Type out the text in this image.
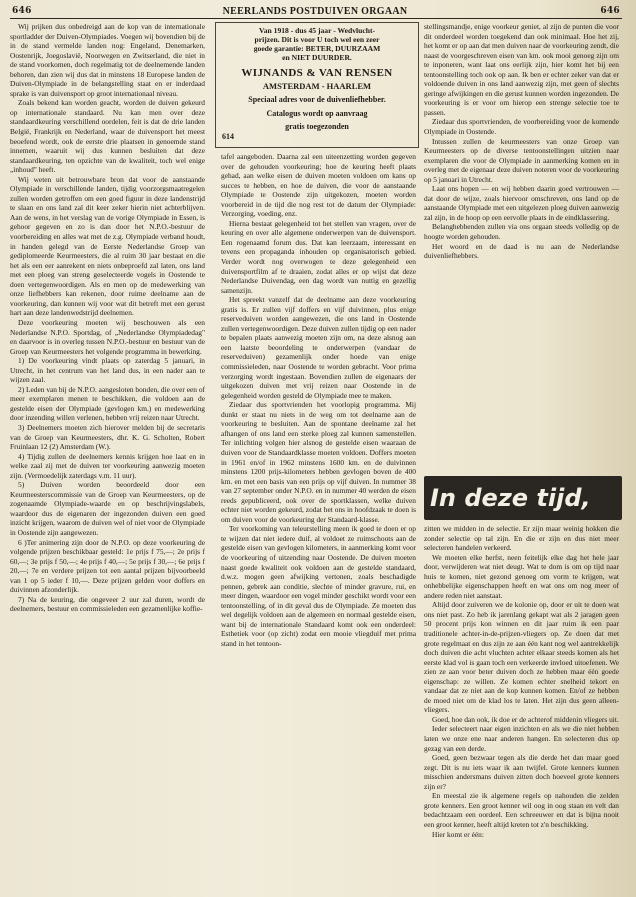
646	NEERLANDS POSTDUIVEN ORGAAN	646

Wij prijken dus onbedreigd aan de kop van de internationale sportladder der Duiven-Olympiades. Voegen wij bovendien bij de in de stand vermelde landen nog: Engeland, Denemarken, Oostenrijk, Joegoslavië, Noorwegen en Zwitserland, die niet in de stand voorkomen, doch regelmatig tot de deelnemende landen behoren, dan zien wij dus dat in minstens 18 Europese landen de Duiven-Olympiade in de belangstelling staat en er inderdaad sprake is van duivensport op groot internationaal niveau.

Zoals bekend kan worden geacht, worden de duiven gekeurd op internationale standaard. Nu kan men over deze standaardkeuring verschillend oordelen, feit is dat de drie landen België, Frankrijk en Nederland, waar de duivensport het meest beoefend wordt, ook de eerste drie plaatsen in genoemde stand innemen, waaruit wij dus kunnen besluiten dat deze standaardkeuring, ten opzichte van de kwaliteit, toch wel enige „inhoud" heeft.

Wij weten uit betrouwbare bron dat voor de aanstaande Olympiade in verschillende landen, tijdig voorzorgsmaatregelen zullen worden getroffen om een goed figuur in deze landenstrijd te slaan en ons land zal dit keer zeker hierin niet achterblijven. Aan de wens, in het verslag van de vorige Olympiade in Essen, is gehoor gegeven en zo is dan door het N.P.O.-bestuur de voorbereiding en alles wat met de z.g. Olympiade verband houdt, in handen gelegd van de Eerste Nederlandse Groep van gediplomeerde Keurmeesters, die al ruim 30 jaar bestaat en die het als een eer aanrekent en niets onbeproefd zal laten, ons land met een ploeg van streng geselecteerde vogels in Oostende te doen vertegenwoordigen. Als en men op de medewerking van onze liefhebbers kan rekenen, door ruime deelname aan de voorkeuring, dan kunnen wij voor wat dit betreft met een gerust hart aan deze landenwedstrijd deelnemen.

Deze voorkeuring moeten wij beschouwen als een Nederlandse N.P.O. Sportdag, of „Nederlandse Olympiadedag" en daarvoor is in overleg tussen N.P.O.-bestuur en bestuur van de Groep van Keurmeesters het volgende programma in bewerking.

1) De voorkeuring vindt plaats op zaterdag 5 januari, in Utrecht, in het centrum van het land dus, in een nader aan te wijzen zaal.

2) Leden van bij de N.P.O. aangesloten bonden, die over een of meer exemplaren menen te beschikken, die voldoen aan de gestelde eisen der Olympiade (gevlogen km.) en medewerking door inzending willen verlenen, hebben vrij reizen naar Utrecht.

3) Deelnemers moeten zich hierover melden bij de secretaris van de Groep van Keurmeesters, dhr. K. G. Scholten, Robert Fruinlaan 12 (2) Amsterdam (W.).

4) Tijdig zullen de deelnemers kennis krijgen hoe laat en in welke zaal zij met de duiven ter voorkeuring aanwezig moeten zijn. (Vermoedelijk zaterdags v.m. 11 uur).

5) Duiven worden beoordeeld door een Keurmeesterscommissie van de Groep van Keurmeesters, op de zogenaamde Olympiade-waarde en op beschrijvingslabels, waardoor dus de eigenaren der ingezonden duiven een goed inzicht krijgen, waarom de duiven wel of niet voor de Olympiade in Oostende zijn aangewezen.

6 )Ter animering zijn door de N.P.O. op deze voorkeuring de volgende prijzen beschikbaar gesteld: 1e prijs f 75,—; 2e prijs f 60,—; 3e prijs f 50,—; 4e prijs f 40,—; 5e prijs f 30,—; 6e prijs f 20,—; 7e en verdere prijzen tot een aantal prijzen bijvoorbeeld van 1 op 5 ieder f 10,—. Deze prijzen gelden voor doffers en duivinnen afzonderlijk.

7) Na de keuring, die ongeveer 2 uur zal duren, wordt de deelnemers, bestuur en commissieleden een gezamenlijke koffie-

Van 1918 - dus 45 jaar - Wedvlucht-
prijzen. Dit is voor U toch wel een zeer
goede garantie: BETER, DUURZAAM
en NIET DUURDER.
WIJNANDS & VAN RENSEN
AMSTERDAM - HAARLEM
Speciaal adres voor de duivenliefhebber.
Catalogus wordt op aanvraag
gratis toegezonden
614

tafel aangeboden. Daarna zal een uiteenzetting worden gegeven over de gehouden voorkeuring; hoe de keuring heeft plaats gehad, aan welke eisen de duiven moeten voldoen om kans op succes te hebben, en hoe de duiven, die voor de aanstaande Olympiade te Oostende zijn uitgekozen, moeten worden voorbereid in de tijd die nog rest tot de datum der Olympiade: Verzorging, voeding, enz.

Hierna bestaat gelegenheid tot het stellen van vragen, over de keuring en over alle algemene onderwerpen van de duivensport. Een rogenaamd forum dus. Dat kan leerzaam, interessant en tevens een propaganda inhouden op organisatorisch gebied. Verder wordt nog overwogen te deze gelegenheid een duivensportfilm af te draaien, zodat alles er op wijst dat deze Nederlandse Duivendag, een dag wordt van nuttig en gezellig samenzijn.

Het spreekt vanzelf dat de deelname aan deze voorkeuring gratis is. Er zullen vijf doffers en vijf duivinnen, plus enige reserveduiven worden aangewezen, die ons land in Oostende zullen vertegenwoordigen. Deze duiven zullen tijdig op een nader te bepalen plaats aanwezig moeten zijn om, na deze alsnog aan een laatste beoordeling te onderwerpen (vandaar de reserveduiven) gezamenlijk onder hoede van enige commissieleden, naar Oostende te worden gebracht. Voor prima verzorging wordt ingestaan. Bovendien zullen de eigenaars der uitgekozen duiven met vrij reizen naar Oostende in de gelegenheid worden gesteld de Olympiade mee te maken.

Ziedaar dus sportvrienden het voorlopig programma. Mij dunkt er staat nu niets in de weg om tot deelname aan de voorkeuring te besluiten. Aan de spontane deelname zal het afhangen of ons land een sterke ploeg zal kunnen samenstellen. Ter inlichting volgen hier alsnog de gestelde eisen waaraan de duiven voor de Standaardklasse moeten voldoen. Doffers moeten in 1961 en/of in 1962 minstens 1600 km. en de duivinnen minstens 1200 prijs-kilometers hebben gevlogen boven de 400 km. en met een basis van een prijs op vijf duiven. In nummer 38 van 27 september onder N.P.O. en in nummer 40 werden de eisen reeds gepubliceerd, ook over de sportklassen, welke duiven echter niet worden gekeurd, zodat het ons in hoofdzaak te doen is om duiven voor de voorkeuring der Standaard-klasse.

Ter voorkoming van teleurstelling meen ik goed te doen er op te wijzen dat niet iedere duif, al voldoet ze ruimschoots aan de gestelde eisen van gevlogen kilometers, in aanmerking komt voor de voorkeuring of uitzending naar Oostende. De duiven moeten naast goede kwaliteit ook voldoen aan de gestelde standaard, d.w.z. mogen geen afwijking vertonen, zoals beschadigde pennen, gebrek aan conditie, slechte of minder gravure, rui, en meer dingen, waardoor een vogel minder geschikt wordt voor een tentoonstelling, of in dit geval dus de Olympiade. Ze moeten dus wel degelijk voldoen aan de algemeen en normaal gestelde eisen, want bij de internationale Standaard komt ook een onderdeel: Esthetiek voor (op zicht) zodat een mooie vliegduif met prima stand in het tentoon-

stellingsmandje, enige voorkeur geniet, al zijn de punten die voor dit onderdeel worden toegekend dan ook minimaal. Hoe het zij, het komt er op aan dat men duiven naar de voorkeuring zendt, die naast de voorgeschreven eisen van km. ook mooi genoeg zijn om te inponeren, want laat ons eerlijk zijn, hier komt het bij een tentoonstelling toch ook op aan. Ik ben er echter zeker van dat er voldoende duiven in ons land aanwezig zijn, met geen of slechts geringe afwijkingen en die gerust kunnen worden ingezonden. De voorkeuring is er voor om hierop een strenge selectie toe te passen.

Ziedaar dus sportvrienden, de voorbereiding voor de komende Olympiade in Oostende.

Intussen zullen de keurmeesters van onze Groep van Keurmeesters op de diverse tentoonstellingen uitzien naar exemplaren die voor de Olympiade in aanmerking komen en in overleg met de eigenaar deze duiven noteren voor de voorkeuring op 5 januari in Utrecht.

Laat ons hopen — en wij hebben daarin goed vertrouwen — dat door de wijze, zoals hiervoor omschreven, ons land op de aanstaande Olympiade met een uitgelezen ploeg duiven aanwezig zal zijn, in de hoop op een eervolle plaats in de eindklassering.

Belanghebbenden zullen via ons orgaan steeds volledig op de hoogte worden gehouden.

Het woord en de daad is nu aan de Nederlandse duivenliefhebbers.

In deze tijd,

zitten we midden in de selectie. Er zijn maar weinig hokken die zonder selectie op tal zijn. En die er zijn en dus niet meer selecteren handelen verkeerd.

We moeten elke herfst, neen feitelijk elke dag het hele jaar door, verwijderen wat niet deugt. Wat te dom is om op tijd naar huis te komen, niet gezond genoeg om vorm te krijgen, wat onhebbelijke eigenschappen heeft en wat ons om nog meer of andere reden niet aanstaat.

Altijd door zuiveren we de kolonie op, door er uit te doen wat ons niet past. Zo heb ik jarenlang gekapt wat als 2 jaragen geen 50 procent prijs kon winnen en dit jaar ruim ik een paar traditionele achter-in-de-prijzen-vliegers op. Ze doen dat met grote regelmaat en dus zijn ze aan één kant nog wel aantrekkelijk doch duiven die acht vluchten achter elkaar steeds komen als het eerste klad vol is gaan toch een verkeerde invloed uitoefenen. We zien ze aan voor beter duiven doch ze hebben maar één goede eigenschap: ze willen. Ze komen echter snelheid tekort en vandaar dat ze niet aan de kop kunnen komen. En/of ze hebben de moed niet om de klad los te laten. Het zijn dus geen alleen-vliegers.

Goed, hoe dan ook, ik doe er de achterof middenin vliegers uit.

Ieder selecteert naar eigen inzichten en als we die niet hebben laten we onze ene naar anderen hangen. En selecteren dus op gezag van een derde.

Goed, geen bezwaar tegen als die derde het dan maar goed zegt. Dit is nu iets waar ik aan twijfel. Grote kenners kunnen misschien andersmans duiven zitten doch hoeveel grote kenners zijn er?

En meestal zie ik algemene regels op nahouden die zelden grote kenners. Een groot kenner wil oog in oog staan en velt dan bedachtzaam een oordeel. Een schreeuwer en dat is bijna nooit een groot kenner, heeft altijd kreten tot z'n beschikking.

Hier komt er één:
